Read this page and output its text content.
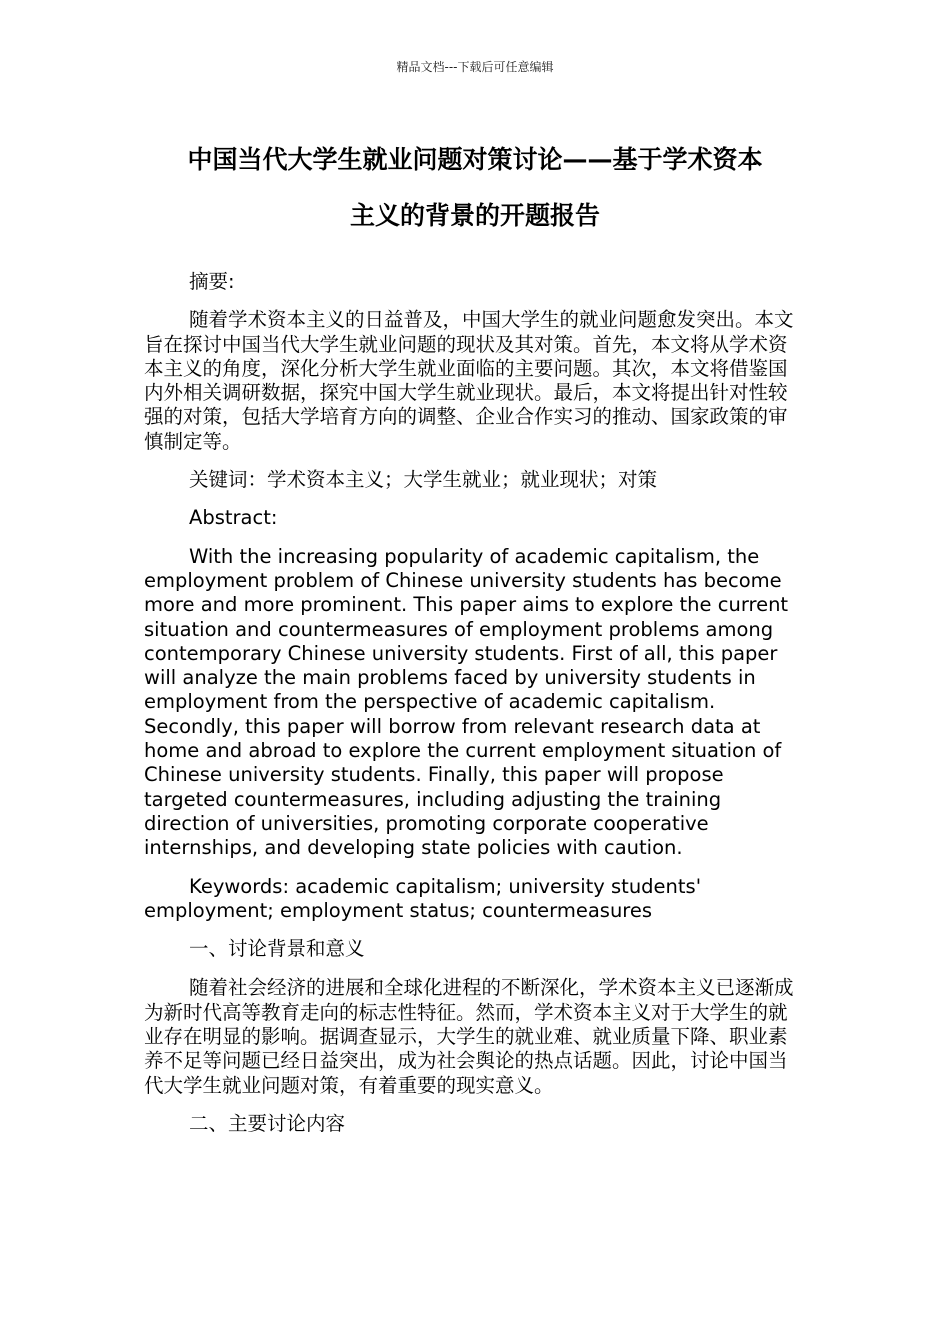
精品文档---下载后可任意编辑
中国当代大学生就业问题对策讨论——基于学术资本
主义的背景的开题报告

摘要:

随着学术资本主义的日益普及，中国大学生的就业问题愈发突出。本文旨在探讨中国当代大学生就业问题的现状及其对策。首先，本文将从学术资本主义的角度，深化分析大学生就业面临的主要问题。其次，本文将借鉴国内外相关调研数据，探究中国大学生就业现状。最后，本文将提出针对性较强的对策，包括大学培育方向的调整、企业合作实习的推动、国家政策的审慎制定等。

关键词：学术资本主义；大学生就业；就业现状；对策

Abstract:

With the increasing popularity of academic capitalism, the employment problem of Chinese university students has become more and more prominent. This paper aims to explore the current situation and countermeasures of employment problems among contemporary Chinese university students. First of all, this paper will analyze the main problems faced by university students in employment from the perspective of academic capitalism. Secondly, this paper will borrow from relevant research data at home and abroad to explore the current employment situation of Chinese university students. Finally, this paper will propose targeted countermeasures, including adjusting the training direction of universities, promoting corporate cooperative internships, and developing state policies with caution.

Keywords: academic capitalism; university students' employment; employment status; countermeasures

一、讨论背景和意义

随着社会经济的进展和全球化进程的不断深化，学术资本主义已逐渐成为新时代高等教育走向的标志性特征。然而，学术资本主义对于大学生的就业存在明显的影响。据调查显示，大学生的就业难、就业质量下降、职业素养不足等问题已经日益突出，成为社会舆论的热点话题。因此，讨论中国当代大学生就业问题对策，有着重要的现实意义。

二、主要讨论内容
